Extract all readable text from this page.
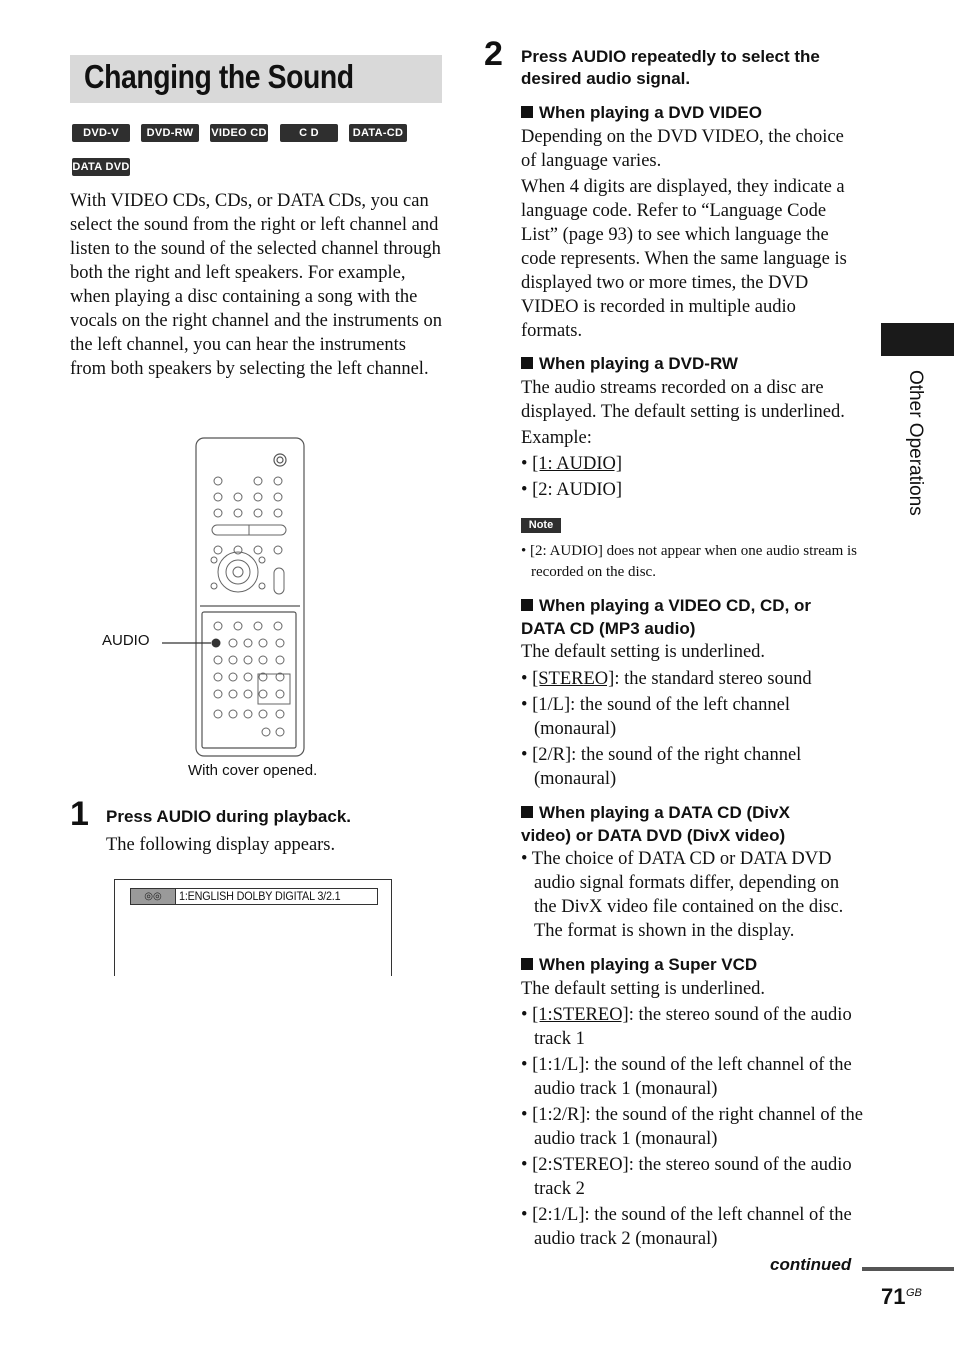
Changing the Sound
DVD-V	DVD-RW	VIDEO CD	C D	DATA-CD
DATA DVD
With VIDEO CDs, CDs, or DATA CDs, you can select the sound from the right or left channel and listen to the sound of the selected channel through both the right and left speakers. For example, when playing a disc containing a song with the vocals on the right channel and the instruments on the left channel, you can hear the instruments from both speakers by selecting the left channel.
AUDIO
With cover opened.
1 Press AUDIO during playback.
The following display appears.
◎◎	1:ENGLISH DOLBY DIGITAL 3/2.1
2 Press AUDIO repeatedly to select the
desired audio signal.
When playing a DVD VIDEO
Depending on the DVD VIDEO, the choice of language varies.
When 4 digits are displayed, they indicate a language code. Refer to “Language Code List” (page 93) to see which language the code represents. When the same language is displayed two or more times, the DVD VIDEO is recorded in multiple audio formats.
When playing a DVD-RW
The audio streams recorded on a disc are displayed. The default setting is underlined.
Example:
• [1: AUDIO]
• [2: AUDIO]
Note
• [2: AUDIO] does not appear when one audio stream is recorded on the disc.
When playing a VIDEO CD, CD, or
DATA CD (MP3 audio)
The default setting is underlined.
• [STEREO]: the standard stereo sound
• [1/L]: the sound of the left channel (monaural)
• [2/R]: the sound of the right channel (monaural)
When playing a DATA CD (DivX
video) or DATA DVD (DivX video)
• The choice of DATA CD or DATA DVD audio signal formats differ, depending on the DivX video file contained on the disc. The format is shown in the display.
When playing a Super VCD
The default setting is underlined.
• [1:STEREO]: the stereo sound of the audio track 1
• [1:1/L]: the sound of the left channel of the audio track 1 (monaural)
• [1:2/R]: the sound of the right channel of the audio track 1 (monaural)
• [2:STEREO]: the stereo sound of the audio track 2
• [2:1/L]: the sound of the left channel of the audio track 2 (monaural)
Other Operations
continued
71 GB
